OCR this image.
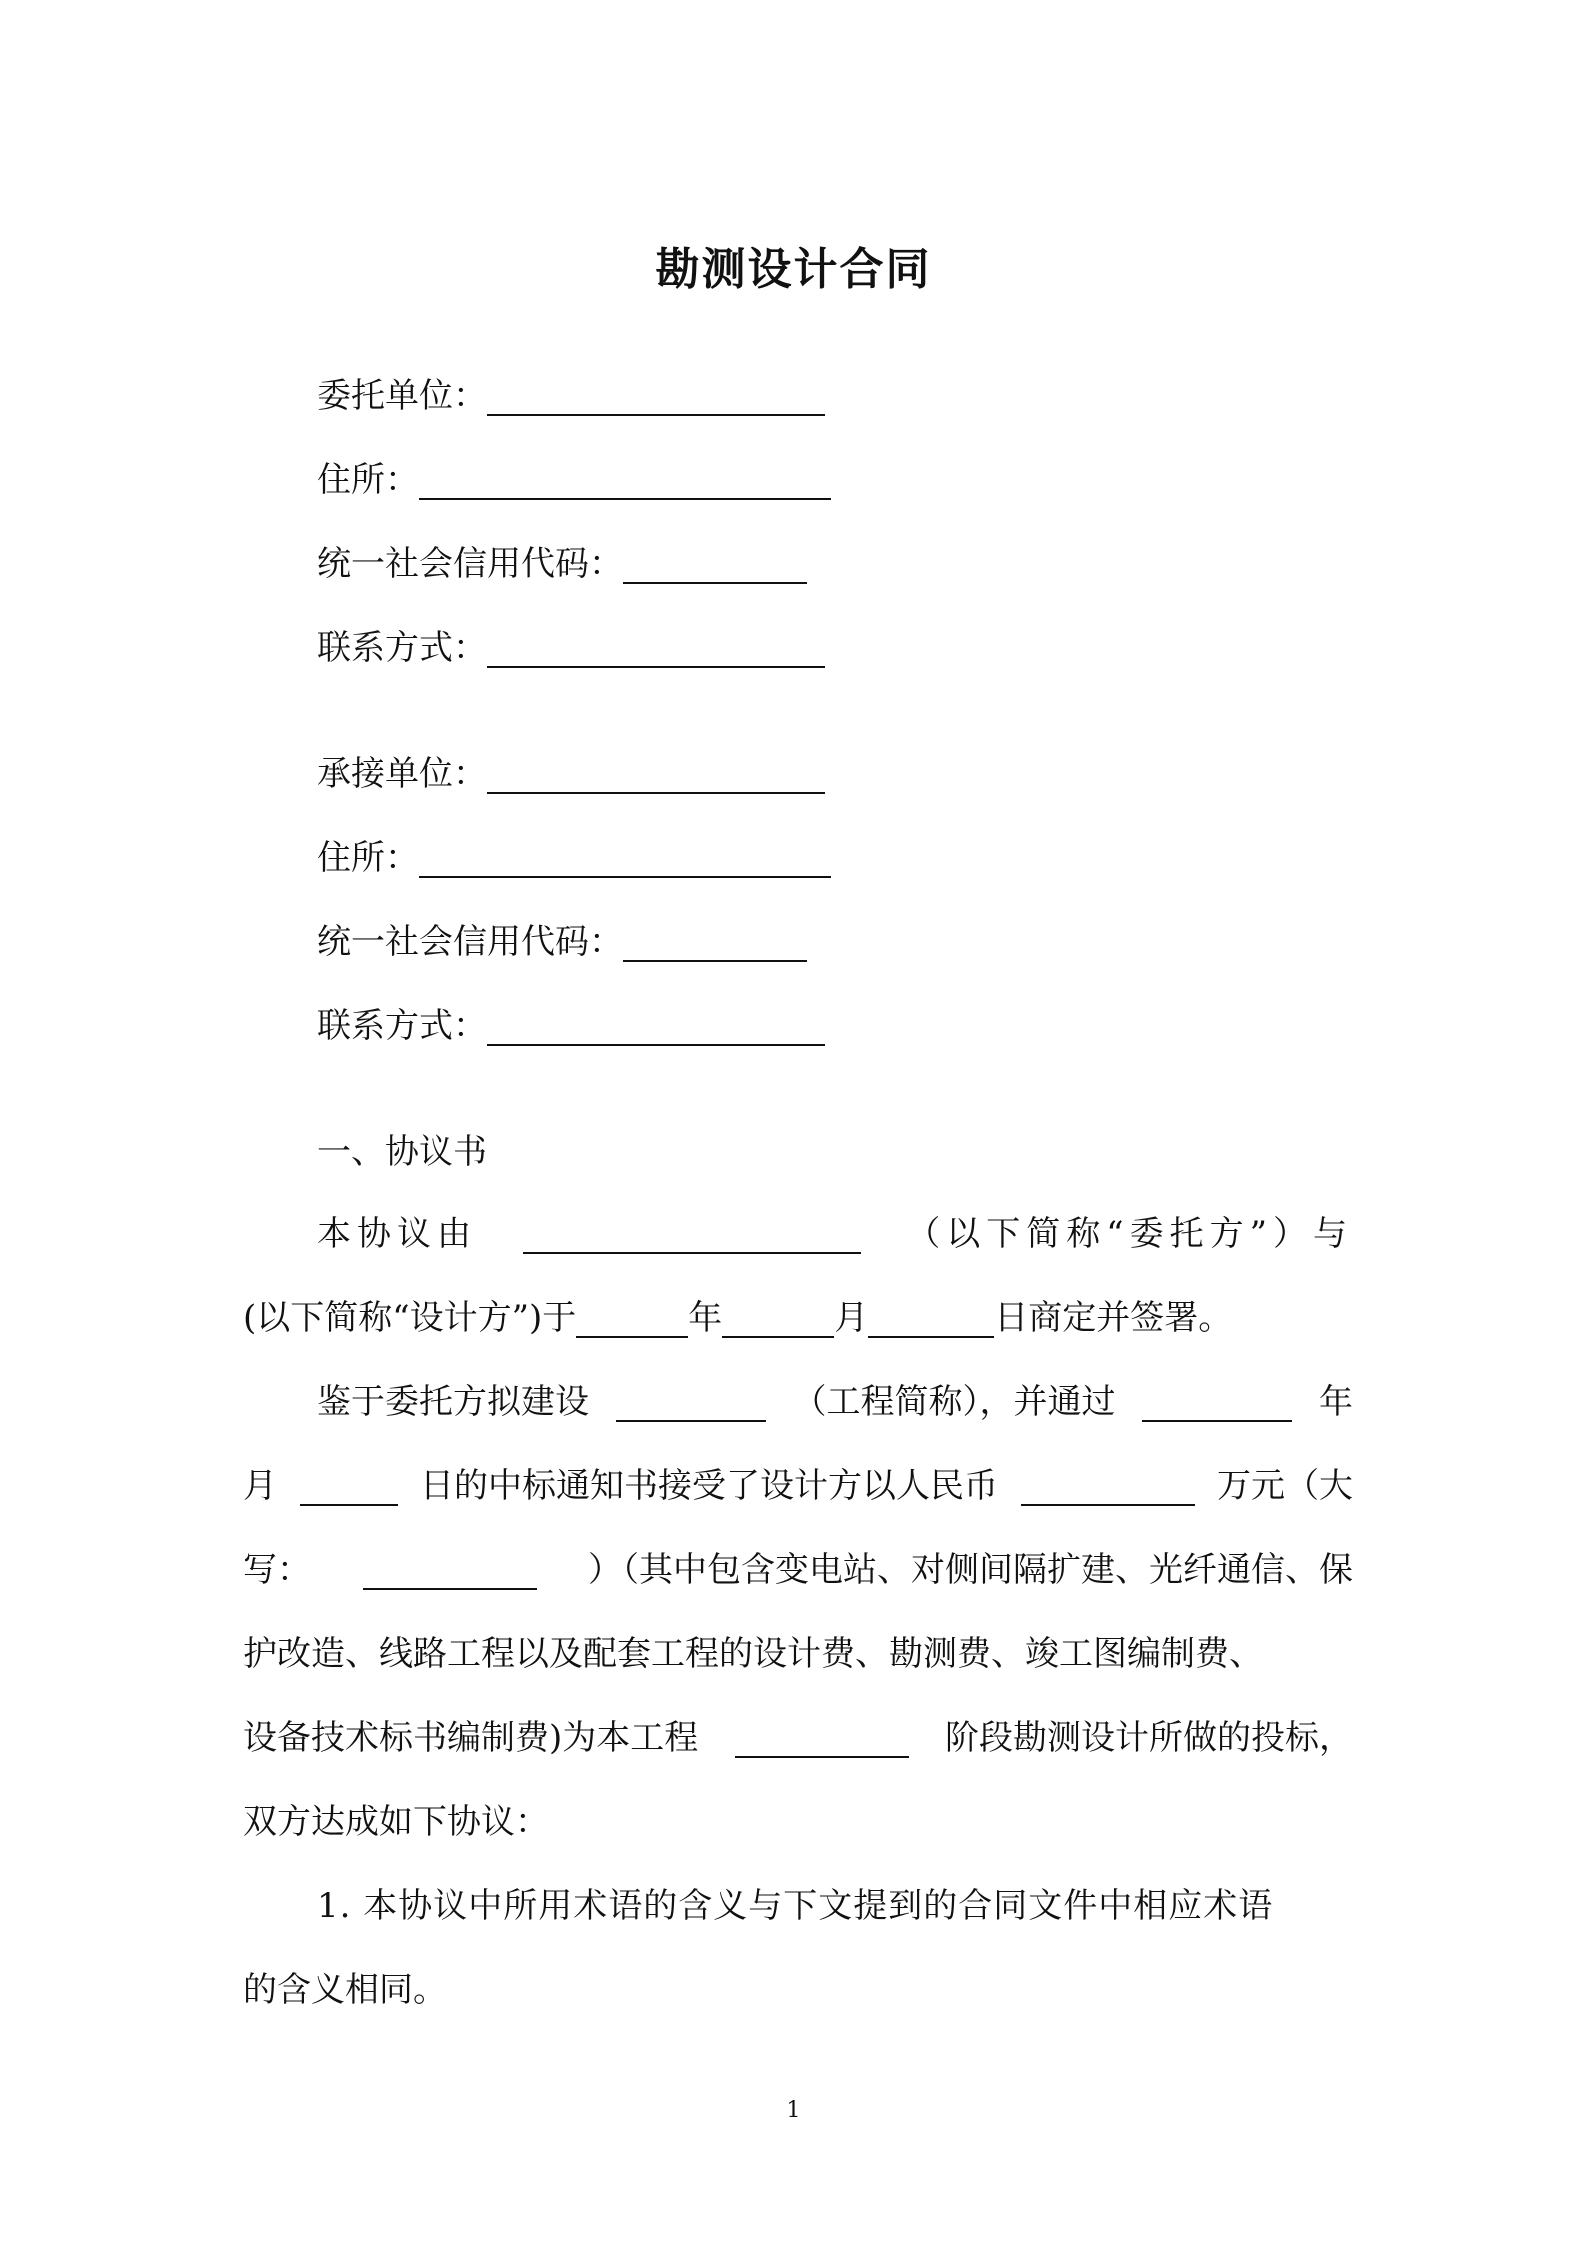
勘测设计合同
委托单位：
住所：
统一社会信用代码：
联系方式：
承接单位：
住所：
统一社会信用代码：
联系方式：
一、协议书
本协议由	（以下简称“委托方”）与
(以下简称“设计方”)于	年	月	日商定并签署。
鉴于委托方拟建设	（工程简称），并通过	年
月	日的中标通知书接受了设计方以人民币	万元（大
写：	）（其中包含变电站、对侧间隔扩建、光纤通信、保
护改造、线路工程以及配套工程的设计费、勘测费、竣工图编制费、
设备技术标书编制费)为本工程	阶段勘测设计所做的投标，
双方达成如下协议：
1. 本协议中所用术语的含义与下文提到的合同文件中相应术语
的含义相同。
1
